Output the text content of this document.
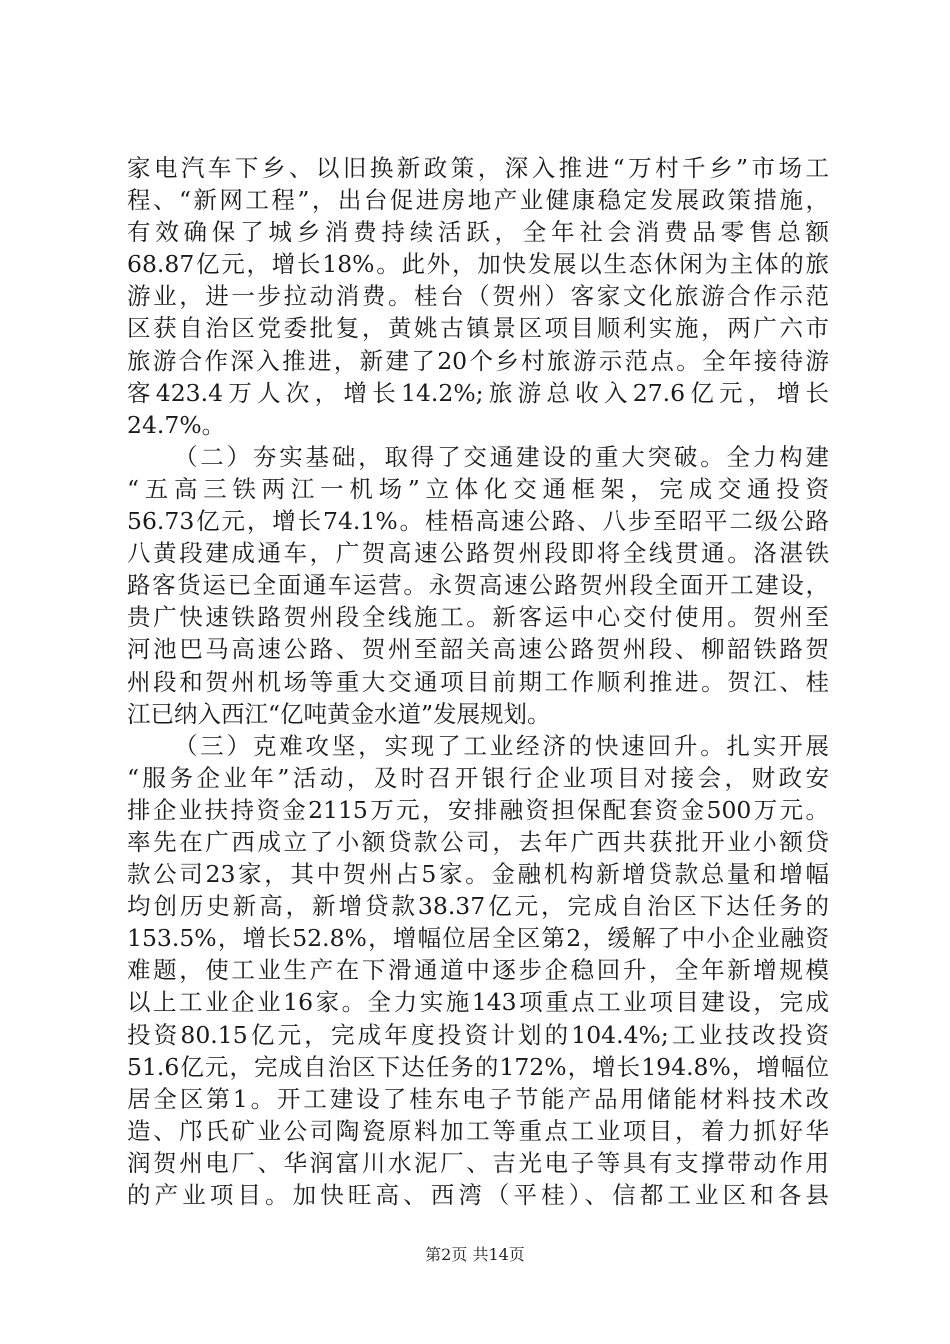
家电汽车下乡、以旧换新政策，深入推进“万村千乡”市场工
程、“新网工程”，出台促进房地产业健康稳定发展政策措施，
有效确保了城乡消费持续活跃，全年社会消费品零售总额
68.87亿元，增长18%。此外，加快发展以生态休闲为主体的旅
游业，进一步拉动消费。桂台（贺州）客家文化旅游合作示范
区获自治区党委批复，黄姚古镇景区项目顺利实施，两广六市
旅游合作深入推进，新建了20个乡村旅游示范点。全年接待游
客423.4万人次，增长14.2%;旅游总收入27.6亿元，增长
24.7%。
（二）夯实基础，取得了交通建设的重大突破。全力构建
“五高三铁两江一机场”立体化交通框架，完成交通投资
56.73亿元，增长74.1%。桂梧高速公路、八步至昭平二级公路
八黄段建成通车，广贺高速公路贺州段即将全线贯通。洛湛铁
路客货运已全面通车运营。永贺高速公路贺州段全面开工建设，
贵广快速铁路贺州段全线施工。新客运中心交付使用。贺州至
河池巴马高速公路、贺州至韶关高速公路贺州段、柳韶铁路贺
州段和贺州机场等重大交通项目前期工作顺利推进。贺江、桂
江已纳入西江“亿吨黄金水道”发展规划。
（三）克难攻坚，实现了工业经济的快速回升。扎实开展
“服务企业年”活动，及时召开银行企业项目对接会，财政安
排企业扶持资金2115万元，安排融资担保配套资金500万元。
率先在广西成立了小额贷款公司，去年广西共获批开业小额贷
款公司23家，其中贺州占5家。金融机构新增贷款总量和增幅
均创历史新高，新增贷款38.37亿元，完成自治区下达任务的
153.5%，增长52.8%，增幅位居全区第2，缓解了中小企业融资
难题，使工业生产在下滑通道中逐步企稳回升，全年新增规模
以上工业企业16家。全力实施143项重点工业项目建设，完成
投资80.15亿元，完成年度投资计划的104.4%;工业技改投资
51.6亿元，完成自治区下达任务的172%，增长194.8%，增幅位
居全区第1。开工建设了桂东电子节能产品用储能材料技术改
造、邝氏矿业公司陶瓷原料加工等重点工业项目，着力抓好华
润贺州电厂、华润富川水泥厂、吉光电子等具有支撑带动作用
的产业项目。加快旺高、西湾（平桂）、信都工业区和各县
第2页 共14页
